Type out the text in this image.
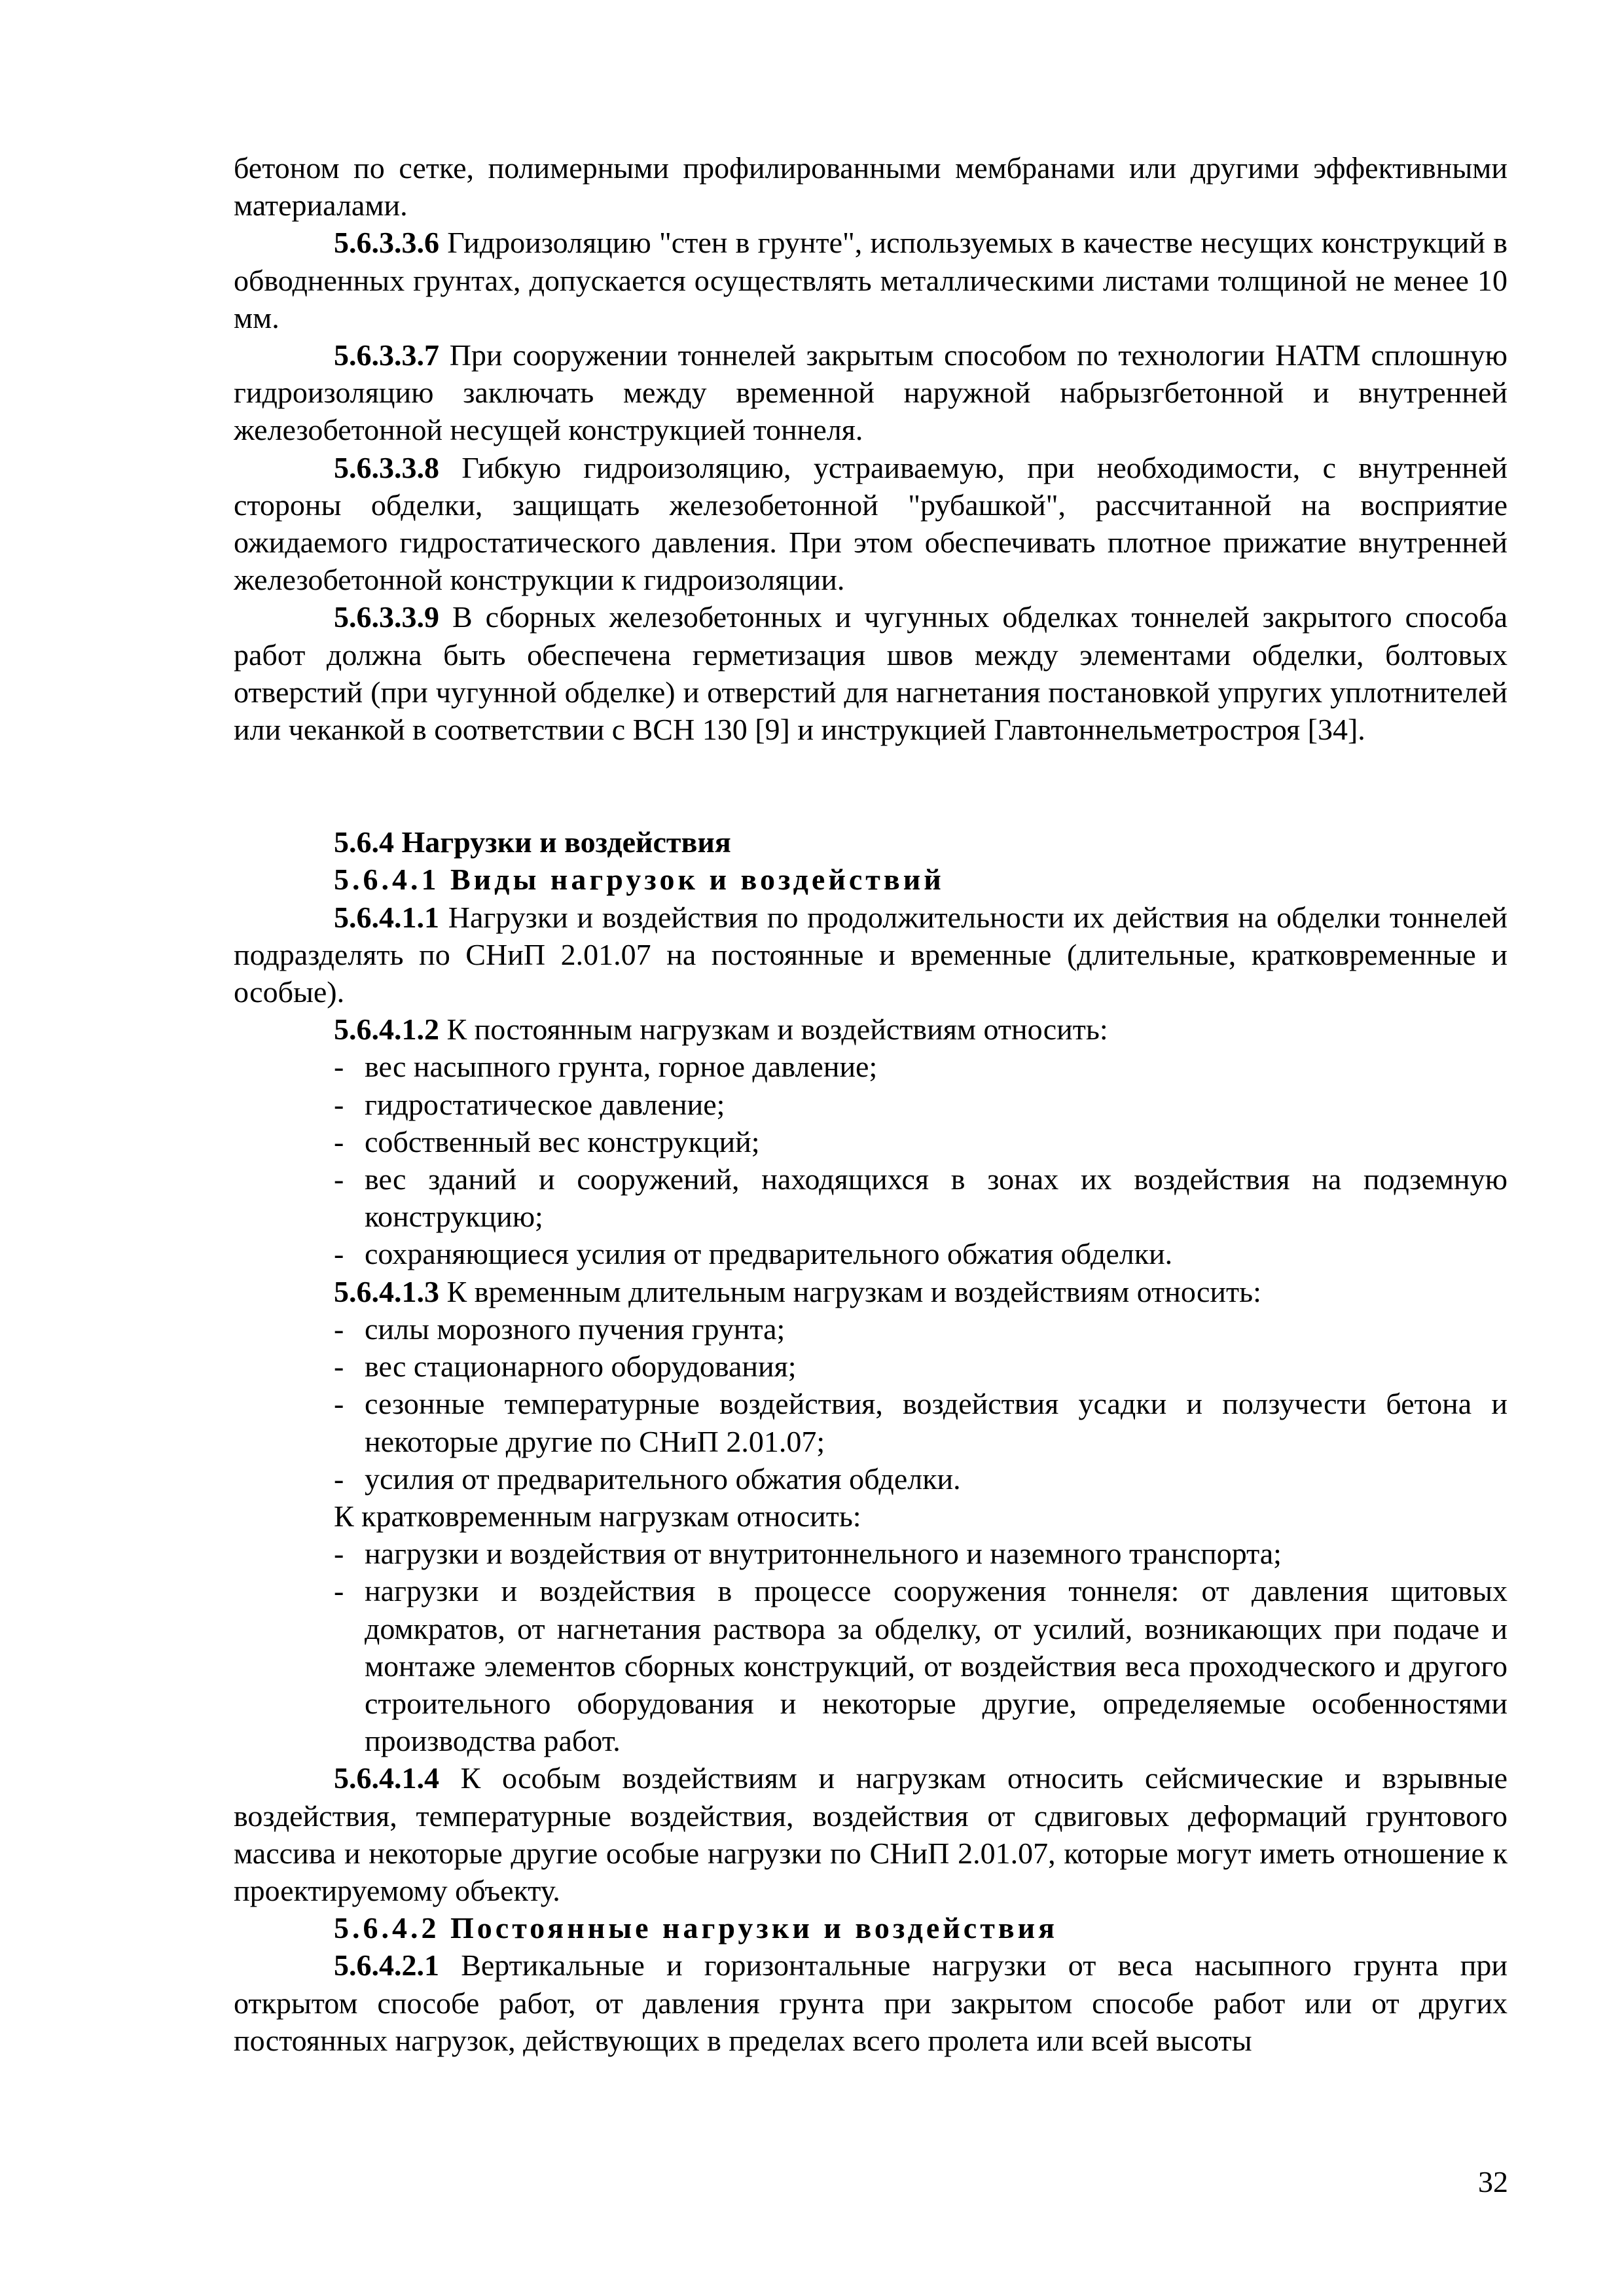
бетоном по сетке, полимерными профилированными мембранами или другими эффективными материалами.

5.6.3.3.6 Гидроизоляцию "стен в грунте", используемых в качестве несущих конструкций в обводненных грунтах, допускается осуществлять металлическими листами толщиной не менее 10 мм.

5.6.3.3.7 При сооружении тоннелей закрытым способом по технологии НАТМ сплошную гидроизоляцию заключать между временной наружной набрызгбетонной и внутренней железобетонной несущей конструкцией тоннеля.

5.6.3.3.8 Гибкую гидроизоляцию, устраиваемую, при необходимости, с внутренней стороны обделки, защищать железобетонной "рубашкой", рассчитанной на восприятие ожидаемого гидростатического давления. При этом обеспечивать плотное прижатие внутренней железобетонной конструкции к гидроизоляции.

5.6.3.3.9 В сборных железобетонных и чугунных обделках тоннелей закрытого способа работ должна быть обеспечена герметизация швов между элементами обделки, болтовых отверстий (при чугунной обделке) и отверстий для нагнетания постановкой упругих уплотнителей или чеканкой в соответствии с ВСН 130 [9] и инструкцией Главтоннельметростроя [34].

5.6.4 Нагрузки и воздействия
5.6.4.1 Виды нагрузок и воздействий

5.6.4.1.1 Нагрузки и воздействия по продолжительности их действия на обделки тоннелей подразделять по СНиП 2.01.07 на постоянные и временные (длительные, кратковременные и особые).

5.6.4.1.2 К постоянным нагрузкам и воздействиям относить:

- вес насыпного грунта, горное давление;
- гидростатическое давление;
- собственный вес конструкций;
- вес зданий и сооружений, находящихся в зонах их воздействия на подземную конструкцию;
- сохраняющиеся усилия от предварительного обжатия обделки.

5.6.4.1.3 К временным длительным нагрузкам и воздействиям относить:

- силы морозного пучения грунта;
- вес стационарного оборудования;
- сезонные температурные воздействия, воздействия усадки и ползучести бетона и некоторые другие по СНиП 2.01.07;
- усилия от предварительного обжатия обделки.

К кратковременным нагрузкам относить:

- нагрузки и воздействия от внутритоннельного и наземного транспорта;
- нагрузки и воздействия в процессе сооружения тоннеля: от давления щитовых домкратов, от нагнетания раствора за обделку, от усилий, возникающих при подаче и монтаже элементов сборных конструкций, от воздействия веса проходческого и другого строительного оборудования и некоторые другие, определяемые особенностями производства работ.

5.6.4.1.4 К особым воздействиям и нагрузкам относить сейсмические и взрывные воздействия, температурные воздействия, воздействия от сдвиговых деформаций грунтового массива и некоторые другие особые нагрузки по СНиП 2.01.07, которые могут иметь отношение к проектируемому объекту.

5.6.4.2 Постоянные нагрузки и воздействия

5.6.4.2.1 Вертикальные и горизонтальные нагрузки от веса насыпного грунта при открытом способе работ, от давления грунта при закрытом способе работ или от других постоянных нагрузок, действующих в пределах всего пролета или всей высоты

32
